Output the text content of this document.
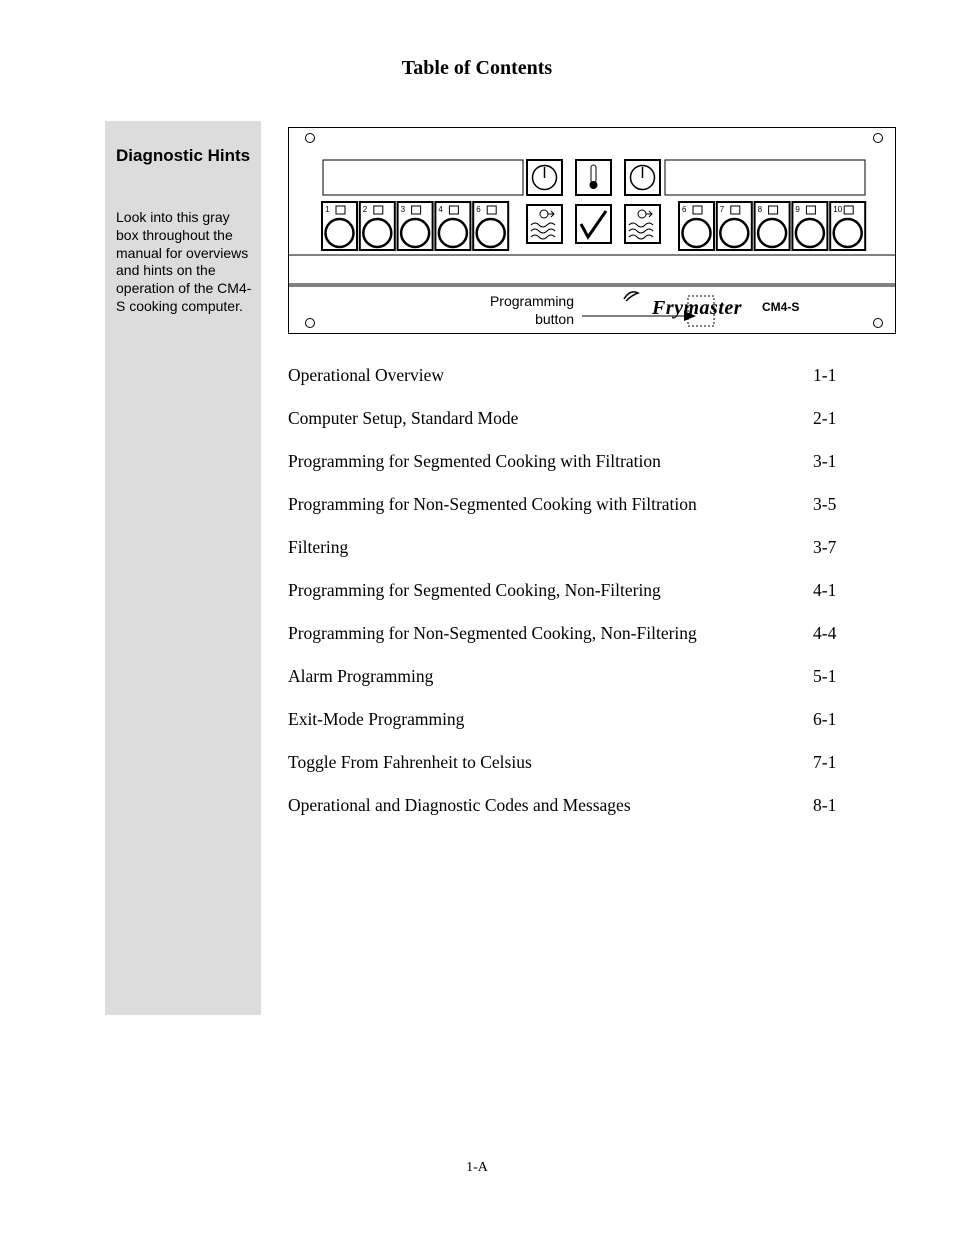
Table of Contents
Diagnostic Hints
Look into this gray box throughout the manual for overviews and hints on the operation of the CM4-S cooking computer.	Frymaster
Programming button
CM4-S
1	2	3	4	6	6	7	8	9	10
Operational Overview	1-1
Computer Setup, Standard Mode	2-1
Programming for Segmented Cooking with Filtration	3-1
Programming for Non-Segmented Cooking with Filtration	3-5
Filtering	3-7
Programming for Segmented Cooking, Non-Filtering	4-1
Programming for Non-Segmented Cooking, Non-Filtering	4-4
Alarm Programming	5-1
Exit-Mode Programming	6-1
Toggle From Fahrenheit to Celsius	7-1
Operational and Diagnostic Codes and Messages	8-1
1-A
